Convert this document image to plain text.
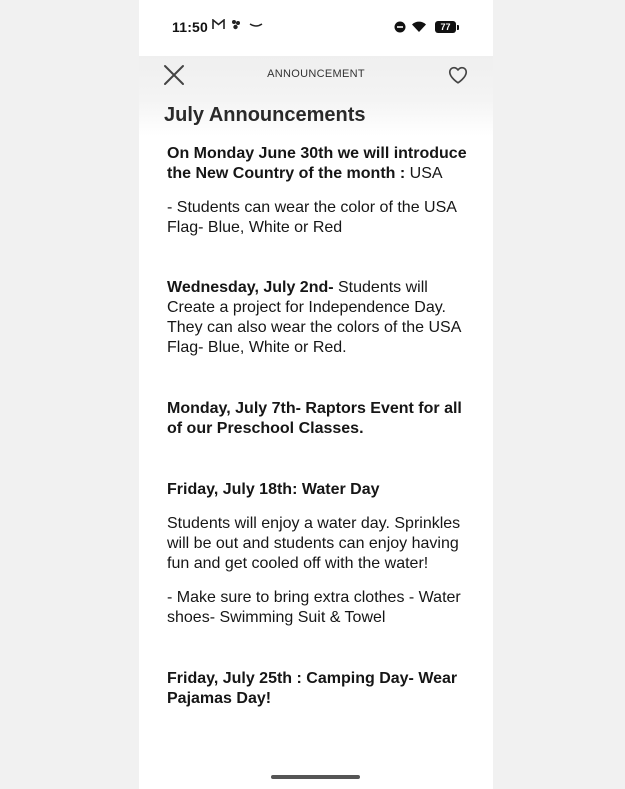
11:50	77
ANNOUNCEMENT
July Announcements

On Monday June 30th we will introduce the New Country of the month : USA

- Students can wear the color of the USA Flag- Blue, White or Red

Wednesday, July 2nd- Students will Create a project for Independence Day. They can also wear the colors of the USA Flag- Blue, White or Red.

Monday, July 7th- Raptors Event for all of our Preschool Classes.

Friday, July 18th: Water Day

Students will enjoy a water day. Sprinkles will be out and students can enjoy having fun and get cooled off with the water!

- Make sure to bring extra clothes - Water shoes- Swimming Suit & Towel

Friday, July 25th : Camping Day- Wear Pajamas Day!
